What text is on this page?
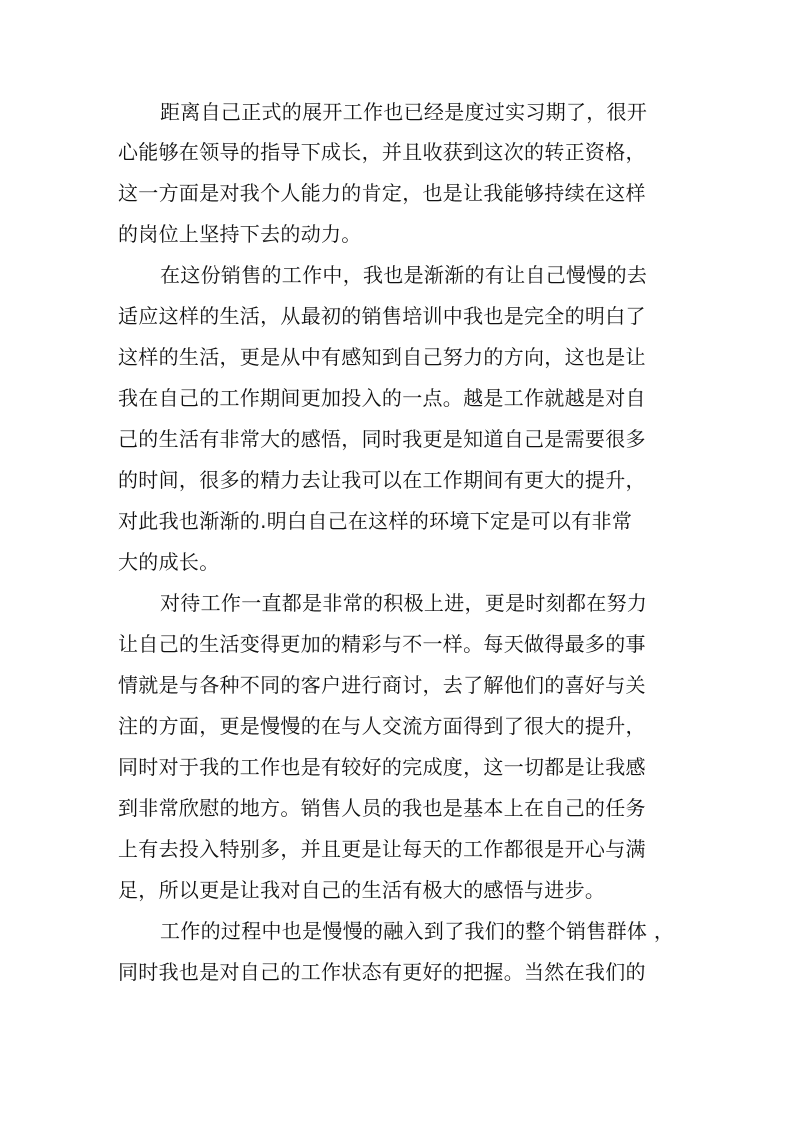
距离自己正式的展开工作也已经是度过实习期了，很开
心能够在领导的指导下成长，并且收获到这次的转正资格，
这一方面是对我个人能力的肯定，也是让我能够持续在这样
的岗位上坚持下去的动力。
在这份销售的工作中，我也是渐渐的有让自己慢慢的去
适应这样的生活，从最初的销售培训中我也是完全的明白了
这样的生活，更是从中有感知到自己努力的方向，这也是让
我在自己的工作期间更加投入的一点。越是工作就越是对自
己的生活有非常大的感悟，同时我更是知道自己是需要很多
的时间，很多的精力去让我可以在工作期间有更大的提升，
对此我也渐渐的.明白自己在这样的环境下定是可以有非常
大的成长。
对待工作一直都是非常的积极上进，更是时刻都在努力
让自己的生活变得更加的精彩与不一样。每天做得最多的事
情就是与各种不同的客户进行商讨，去了解他们的喜好与关
注的方面，更是慢慢的在与人交流方面得到了很大的提升，
同时对于我的工作也是有较好的完成度，这一切都是让我感
到非常欣慰的地方。销售人员的我也是基本上在自己的任务
上有去投入特别多，并且更是让每天的工作都很是开心与满
足，所以更是让我对自己的生活有极大的感悟与进步。
工作的过程中也是慢慢的融入到了我们的整个销售群体 ，
同时我也是对自己的工作状态有更好的把握。当然在我们的
